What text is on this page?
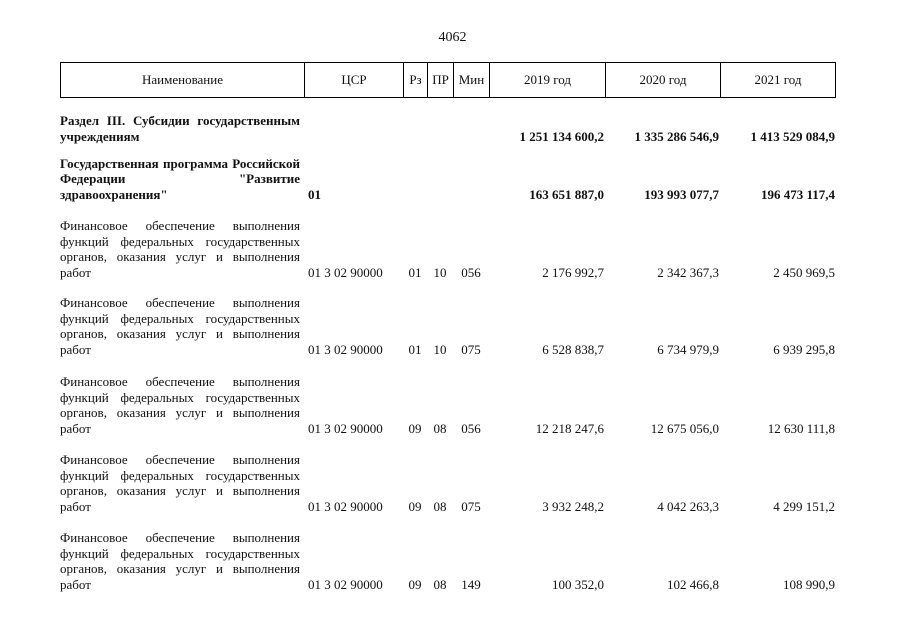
4062
Наименование	ЦСР	Рз	ПР	Мин	2019 год	2020 год	2021 год
Раздел III. Субсидии государственным учреждениям					1 251 134 600,2	1 335 286 546,9	1 413 529 084,9

Государственная программа Российской Федерации "Развитие здравоохранения"	01				163 651 887,0	193 993 077,7	196 473 117,4

Финансовое обеспечение выполнения функций федеральных государственных органов, оказания услуг и выполнения работ	01 3 02 90000	01	10	056	2 176 992,7	2 342 367,3	2 450 969,5

Финансовое обеспечение выполнения функций федеральных государственных органов, оказания услуг и выполнения работ	01 3 02 90000	01	10	075	6 528 838,7	6 734 979,9	6 939 295,8

Финансовое обеспечение выполнения функций федеральных государственных органов, оказания услуг и выполнения работ	01 3 02 90000	09	08	056	12 218 247,6	12 675 056,0	12 630 111,8

Финансовое обеспечение выполнения функций федеральных государственных органов, оказания услуг и выполнения работ	01 3 02 90000	09	08	075	3 932 248,2	4 042 263,3	4 299 151,2

Финансовое обеспечение выполнения функций федеральных государственных органов, оказания услуг и выполнения работ	01 3 02 90000	09	08	149	100 352,0	102 466,8	108 990,9
